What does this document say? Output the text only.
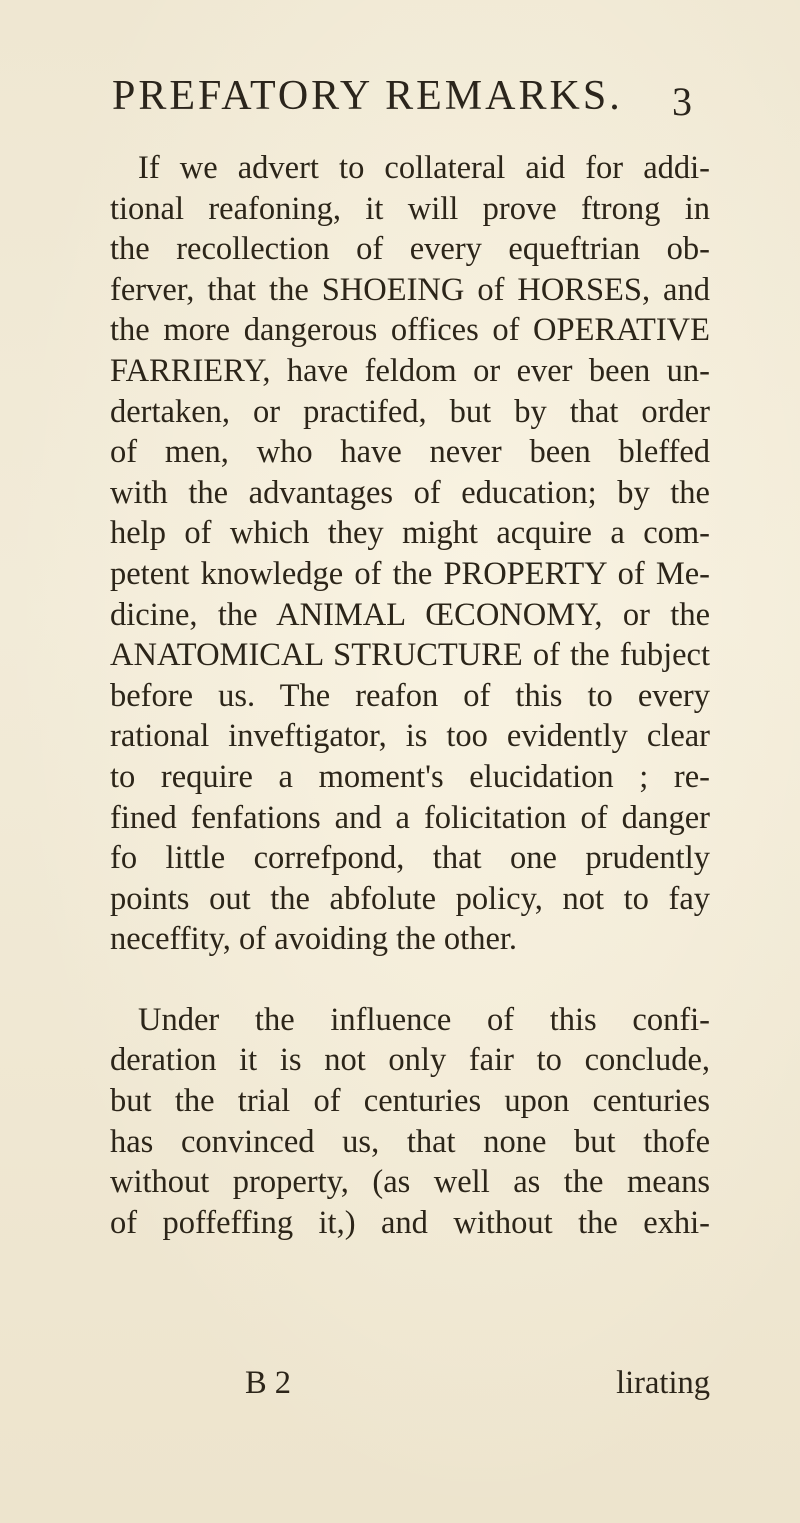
PREFATORY REMARKS. 3
If we advert to collateral aid for addi-
tional reafoning, it will prove ftrong in
the recollection of every equeftrian ob-
ferver, that the SHOEING of HORSES, and
the more dangerous offices of OPERATIVE
FARRIERY, have feldom or ever been un-
dertaken, or practifed, but by that order
of men, who have never been bleffed
with the advantages of education; by the
help of which they might acquire a com-
petent knowledge of the PROPERTY of Me-
dicine, the ANIMAL ŒCONOMY, or the
ANATOMICAL STRUCTURE of the fubject
before us. The reafon of this to every
rational inveftigator, is too evidently clear
to require a moment's elucidation ; re-
fined fenfations and a folicitation of danger
fo little correfpond, that one prudently
points out the abfolute policy, not to fay
neceffity, of avoiding the other.
Under the influence of this confi-
deration it is not only fair to conclude,
but the trial of centuries upon centuries
has convinced us, that none but thofe
without property, (as well as the means
of poffeffing it,) and without the exhi-
B 2	lirating
